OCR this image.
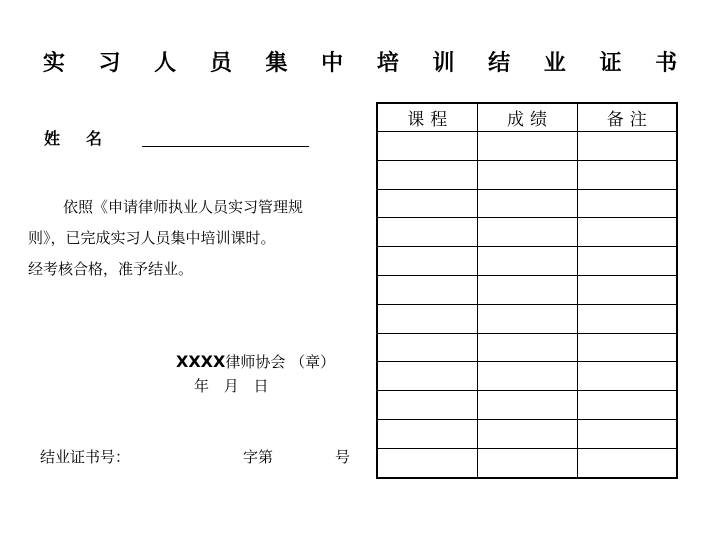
实 习 人 员 集 中 培 训 结 业 证 书
姓名
依照《申请律师执业人员实习管理规
则》，已完成实习人员集中培训课时。
经考核合格，准予结业。
XXXX律师协会 （章）
年 月 日
结业证书号：	字第	号
课程	成绩	备注
